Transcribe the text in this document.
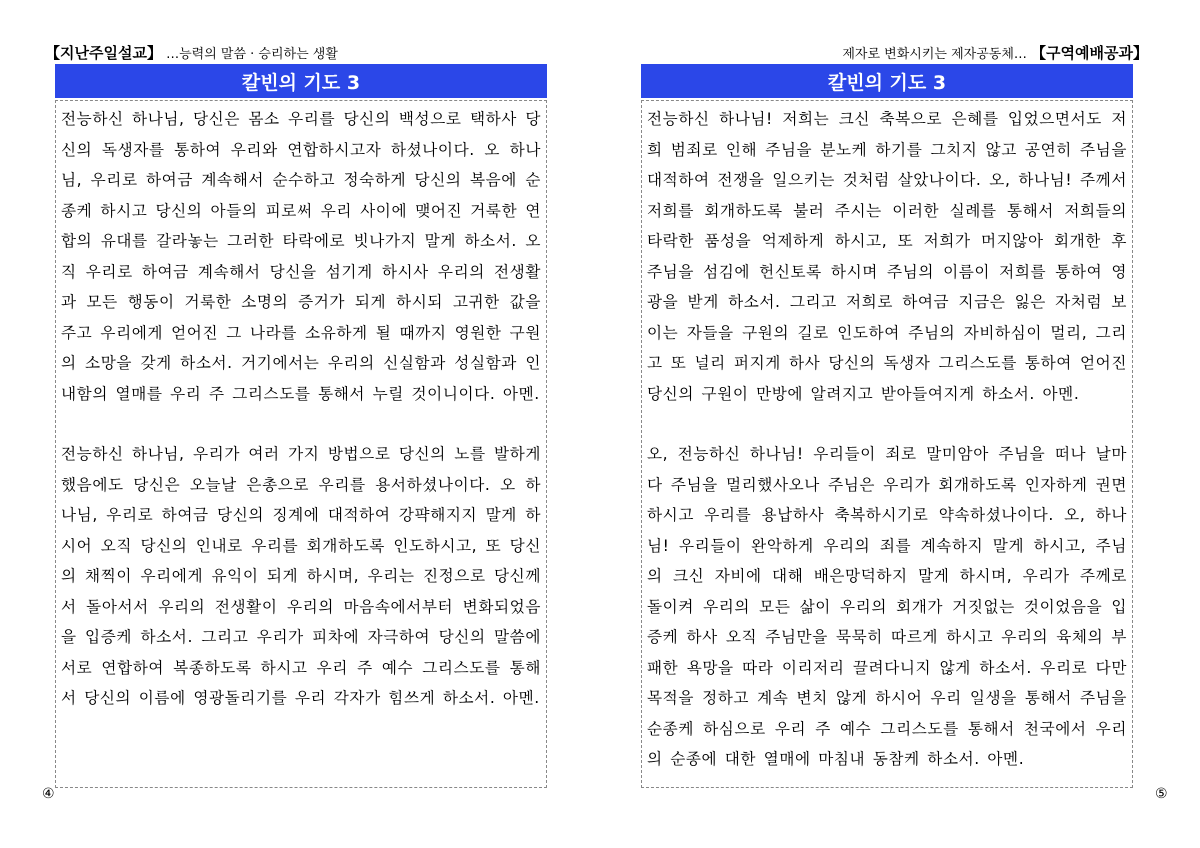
【지난주일설교】 …능력의 말씀 · 승리하는 생활	제자로 변화시키는 제자공동체… 【구역예배공과】
칼빈의 기도 3

전능하신 하나님, 당신은 몸소 우리를 당신의 백성으로 택하사 당신의 독생자를 통하여 우리와 연합하시고자 하셨나이다. 오 하나님, 우리로 하여금 계속해서 순수하고 정숙하게 당신의 복음에 순종케 하시고 당신의 아들의 피로써 우리 사이에 맺어진 거룩한 연합의 유대를 갈라놓는 그러한 타락에로 빗나가지 말게 하소서. 오직 우리로 하여금 계속해서 당신을 섬기게 하시사 우리의 전생활과 모든 행동이 거룩한 소명의 증거가 되게 하시되 고귀한 값을 주고 우리에게 얻어진 그 나라를 소유하게 될 때까지 영원한 구원의 소망을 갖게 하소서. 거기에서는 우리의 신실함과 성실함과 인내함의 열매를 우리 주 그리스도를 통해서 누릴 것이니이다. 아멘.

전능하신 하나님, 우리가 여러 가지 방법으로 당신의 노를 발하게 했음에도 당신은 오늘날 은총으로 우리를 용서하셨나이다. 오 하나님, 우리로 하여금 당신의 징계에 대적하여 강퍅해지지 말게 하시어 오직 당신의 인내로 우리를 회개하도록 인도하시고, 또 당신의 채찍이 우리에게 유익이 되게 하시며, 우리는 진정으로 당신께서 돌아서서 우리의 전생활이 우리의 마음속에서부터 변화되었음을 입증케 하소서. 그리고 우리가 피차에 자극하여 당신의 말씀에 서로 연합하여 복종하도록 하시고 우리 주 예수 그리스도를 통해서 당신의 이름에 영광돌리기를 우리 각자가 힘쓰게 하소서. 아멘.

칼빈의 기도 3

전능하신 하나님! 저희는 크신 축복으로 은혜를 입었으면서도 저희 범죄로 인해 주님을 분노케 하기를 그치지 않고 공연히 주님을 대적하여 전쟁을 일으키는 것처럼 살았나이다. 오, 하나님! 주께서 저희를 회개하도록 불러 주시는 이러한 실례를 통해서 저희들의 타락한 품성을 억제하게 하시고, 또 저희가 머지않아 회개한 후 주님을 섬김에 헌신토록 하시며 주님의 이름이 저희를 통하여 영광을 받게 하소서. 그리고 저희로 하여금 지금은 잃은 자처럼 보이는 자들을 구원의 길로 인도하여 주님의 자비하심이 멀리, 그리고 또 널리 퍼지게 하사 당신의 독생자 그리스도를 통하여 얻어진 당신의 구원이 만방에 알려지고 받아들여지게 하소서. 아멘.

오, 전능하신 하나님! 우리들이 죄로 말미암아 주님을 떠나 날마다 주님을 멀리했사오나 주님은 우리가 회개하도록 인자하게 권면하시고 우리를 용납하사 축복하시기로 약속하셨나이다. 오, 하나님! 우리들이 완악하게 우리의 죄를 계속하지 말게 하시고, 주님의 크신 자비에 대해 배은망덕하지 말게 하시며, 우리가 주께로 돌이켜 우리의 모든 삶이 우리의 회개가 거짓없는 것이었음을 입증케 하사 오직 주님만을 묵묵히 따르게 하시고 우리의 육체의 부패한 욕망을 따라 이리저리 끌려다니지 않게 하소서. 우리로 다만 목적을 정하고 계속 변치 않게 하시어 우리 일생을 통해서 주님을 순종케 하심으로 우리 주 예수 그리스도를 통해서 천국에서 우리의 순종에 대한 열매에 마침내 동참케 하소서. 아멘.

④	⑤
